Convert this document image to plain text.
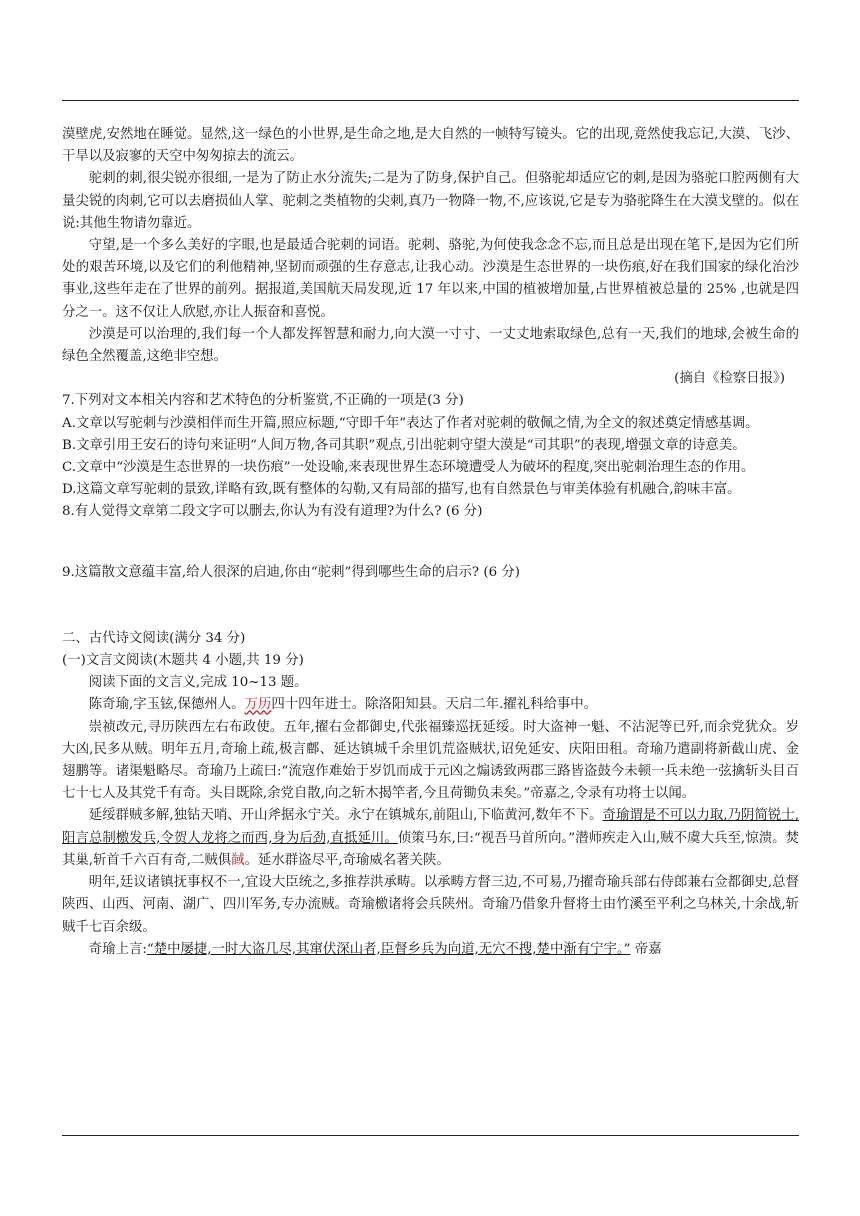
漠壁虎,安然地在睡觉。显然,这一绿色的小世界,是生命之地,是大自然的一帧特写镜头。它的出现,竟然使我忘记,大漠、飞沙、干旱以及寂寥的天空中匆匆掠去的流云。

驼刺的刺,很尖锐亦很细,一是为了防止水分流失;二是为了防身,保护自己。但骆驼却适应它的刺,是因为骆驼口腔两侧有大量尖锐的肉刺,它可以去磨损仙人掌、驼刺之类植物的尖刺,真乃一物降一物,不,应该说,它是专为骆驼降生在大漠戈壁的。似在说:其他生物请勿靠近。

守望,是一个多么美好的字眼,也是最适合驼刺的词语。驼刺、骆驼,为何使我念念不忘,而且总是出现在笔下,是因为它们所处的艰苦环境,以及它们的利他精神,坚韧而顽强的生存意志,让我心动。沙漠是生态世界的一块伤痕,好在我们国家的绿化治沙事业,这些年走在了世界的前列。据报道,美国航天局发现,近 17 年以来,中国的植被增加量,占世界植被总量的 25% ,也就是四分之一。这不仅让人欣慰,亦让人振奋和喜悦。

沙漠是可以治理的,我们每一个人都发挥智慧和耐力,向大漠一寸寸、一丈丈地索取绿色,总有一天,我们的地球,会被生命的绿色全然覆盖,这绝非空想。

(摘自《检察日报》)

7.下列对文本相关内容和艺术特色的分析鉴赏,不正确的一项是(3 分)

A.文章以写驼刺与沙漠相伴而生开篇,照应标题,“守即千年”表达了作者对驼刺的敬佩之情,为全文的叙述奠定情感基调。

B.文章引用王安石的诗句来证明“人间万物,各司其职”观点,引出驼刺守望大漠是“司其职”的表现,增强文章的诗意美。

C.文章中“沙漠是生态世界的一块伤痕”一处设喻,来表现世界生态环境遭受人为破坏的程度,突出驼刺治理生态的作用。

D.这篇文章写驼刺的景致,详略有致,既有整体的勾勒,又有局部的描写,也有自然景色与审美体验有机融合,韵味丰富。

8.有人觉得文章第二段文字可以删去,你认为有没有道理?为什么? (6 分)

9.这篇散文意蕴丰富,给人很深的启迪,你由“驼刺”得到哪些生命的启示? (6 分)

二、古代诗文阅读(满分 34 分)

(一)文言文阅读(木题共 4 小题,共 19 分)

阅读下面的文言义,完成 10~13 题。

陈奇瑜,字玉铉,保德州人。万历四十四年进士。除洛阳知县。天启二年.擢礼科给事中。

崇祯改元,寻历陕西左右布政使。五年,擢右佥都御史,代张福臻巡抚延绥。时大盗神一魁、不沾泥等已歼,而余党犹众。岁大凶,民多从贼。明年五月,奇瑜上疏,极言鄜、延达镇城千余里饥荒盗贼状,诏免延安、庆阳田租。奇瑜乃遣副将新截山虎、金翅鹏等。诸渠魁略尽。奇瑜乃上疏曰:“流寇作难始于岁饥而成于元凶之煽诱致两郡三路皆盗鼓今未顿一兵未绝一弦擒斩头目百七十七人及其党千有奇。头目既除,余党自散,向之斩木揭竿者,今且荷锄负耒矣。”帝嘉之,令录有功将士以闻。

延绥群贼多解,独钻天哨、开山斧据永宁关。永宁在镇城东,前阻山,下临黄河,数年不下。奇瑜谓是不可以力取,乃阴简锐士,阳言总制檄发兵,令贺人龙将之而西,身为后劲,直抵延川。侦策马东,曰:“视吾马首所向。”潜师疾走入山,贼不虞大兵至,惊溃。焚其巢,斩首千六百有奇,二贼俱馘。延水群盗尽平,奇瑜威名著关陕。

明年,廷议诸镇抚事权不一,宜设大臣统之,多推荐洪承畴。以承畴方督三边,不可易,乃擢奇瑜兵部右侍郎兼右佥都御史,总督陕西、山西、河南、湖广、四川军务,专办流贼。奇瑜檄诸将会兵陕州。奇瑜乃借象升督将士由竹溪至平利之乌林关,十余战,斩贼千七百余级。

奇瑜上言:“楚中屡捷,一时大盗几尽,其窜伏深山者,臣督乡兵为向道,无穴不搜,楚中渐有宁宇。” 帝嘉
